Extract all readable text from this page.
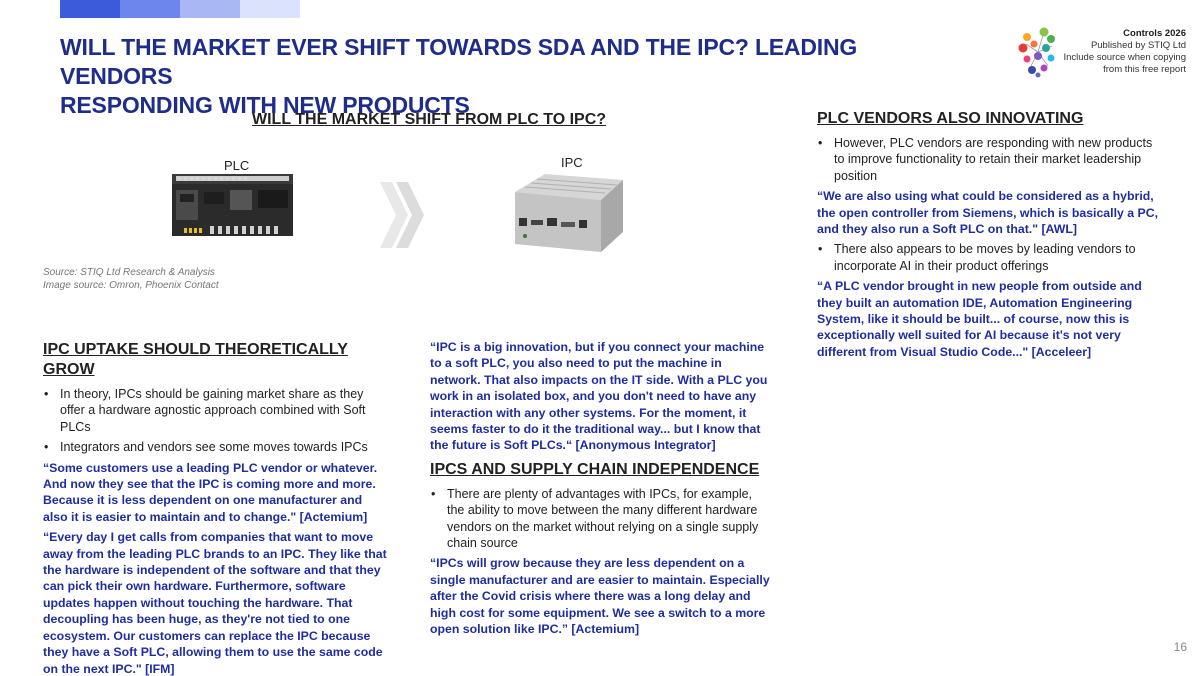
WILL THE MARKET EVER SHIFT TOWARDS SDA AND THE IPC? LEADING VENDORS
RESPONDING WITH NEW PRODUCTS
Controls 2026
Published by STIQ Ltd
Include source when copying
from this free report
WILL THE MARKET SHIFT FROM PLC TO IPC?
PLC	IPC
Source: STIQ Ltd Research & Analysis
Image source: Omron, Phoenix Contact
IPC UPTAKE SHOULD THEORETICALLY GROW
• In theory, IPCs should be gaining market share as they offer a hardware agnostic approach combined with Soft PLCs
• Integrators and vendors see some moves towards IPCs
“Some customers use a leading PLC vendor or whatever. And now they see that the IPC is coming more and more. Because it is less dependent on one manufacturer and also it is easier to maintain and to change." [Actemium]
“Every day I get calls from companies that want to move away from the leading PLC brands to an IPC. They like that the hardware is independent of the software and that they can pick their own hardware. Furthermore, software updates happen without touching the hardware. That decoupling has been huge, as they're not tied to one ecosystem. Our customers can replace the IPC because they have a Soft PLC, allowing them to use the same code on the next IPC." [IFM]
“IPC is a big innovation, but if you connect your machine to a soft PLC, you also need to put the machine in network. That also impacts on the IT side. With a PLC you work in an isolated box, and you don't need to have any interaction with any other systems. For the moment, it seems faster to do it the traditional way... but I know that the future is Soft PLCs.“ [Anonymous Integrator]
IPCS AND SUPPLY CHAIN INDEPENDENCE
• There are plenty of advantages with IPCs, for example, the ability to move between the many different hardware vendors on the market without relying on a single supply chain source
“IPCs will grow because they are less dependent on a single manufacturer and are easier to maintain. Especially after the Covid crisis where there was a long delay and high cost for some equipment. We see a switch to a more open solution like IPC.” [Actemium]
PLC VENDORS ALSO INNOVATING
• However, PLC vendors are responding with new products to improve functionality to retain their market leadership position
“We are also using what could be considered as a hybrid, the open controller from Siemens, which is basically a PC, and they also run a Soft PLC on that." [AWL]
• There also appears to be moves by leading vendors to incorporate AI in their product offerings
“A PLC vendor brought in new people from outside and they built an automation IDE, Automation Engineering System, like it should be built... of course, now this is exceptionally well suited for AI because it's not very different from Visual Studio Code..." [Acceleer]
16
